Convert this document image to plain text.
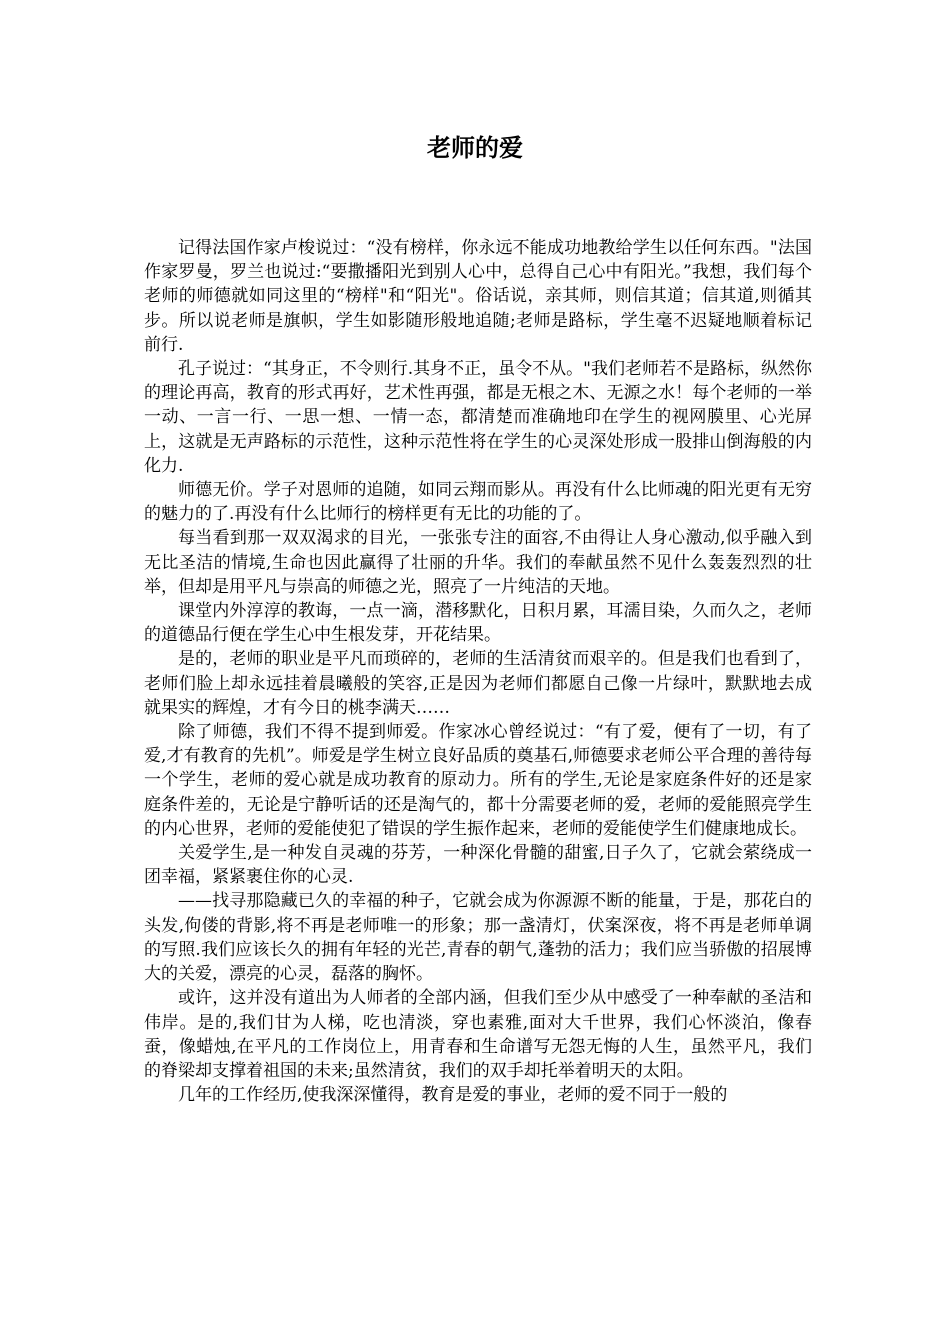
老师的爱

记得法国作家卢梭说过：“没有榜样，你永远不能成功地教给学生以任何东西。"法国作家罗曼，罗兰也说过:“要撒播阳光到别人心中，总得自己心中有阳光。”我想，我们每个老师的师德就如同这里的“榜样"和“阳光"。俗话说，亲其师，则信其道；信其道,则循其步。所以说老师是旗帜，学生如影随形般地追随;老师是路标，学生毫不迟疑地顺着标记前行.

孔子说过：“其身正，不令则行.其身不正，虽令不从。"我们老师若不是路标，纵然你的理论再高，教育的形式再好，艺术性再强，都是无根之木、无源之水！每个老师的一举一动、一言一行、一思一想、一情一态，都清楚而准确地印在学生的视网膜里、心光屏上，这就是无声路标的示范性，这种示范性将在学生的心灵深处形成一股排山倒海般的内化力.

师德无价。学子对恩师的追随，如同云翔而影从。再没有什么比师魂的阳光更有无穷的魅力的了.再没有什么比师行的榜样更有无比的功能的了。

每当看到那一双双渴求的目光，一张张专注的面容,不由得让人身心激动,似乎融入到无比圣洁的情境,生命也因此赢得了壮丽的升华。我们的奉献虽然不见什么轰轰烈烈的壮举，但却是用平凡与崇高的师德之光，照亮了一片纯洁的天地。

课堂内外淳淳的教诲，一点一滴，潜移默化，日积月累，耳濡目染，久而久之，老师的道德品行便在学生心中生根发芽，开花结果。

是的，老师的职业是平凡而琐碎的，老师的生活清贫而艰辛的。但是我们也看到了，老师们脸上却永远挂着晨曦般的笑容,正是因为老师们都愿自己像一片绿叶，默默地去成就果实的辉煌，才有今日的桃李满天……

除了师德，我们不得不提到师爱。作家冰心曾经说过：“有了爱，便有了一切，有了爱,才有教育的先机”。师爱是学生树立良好品质的奠基石,师德要求老师公平合理的善待每一个学生，老师的爱心就是成功教育的原动力。所有的学生,无论是家庭条件好的还是家庭条件差的，无论是宁静听话的还是淘气的，都十分需要老师的爱，老师的爱能照亮学生的内心世界，老师的爱能使犯了错误的学生振作起来，老师的爱能使学生们健康地成长。

关爱学生,是一种发自灵魂的芬芳，一种深化骨髓的甜蜜,日子久了，它就会萦绕成一团幸福，紧紧裹住你的心灵.

——找寻那隐藏已久的幸福的种子，它就会成为你源源不断的能量，于是，那花白的头发,佝偻的背影,将不再是老师唯一的形象；那一盏清灯，伏案深夜，将不再是老师单调的写照.我们应该长久的拥有年轻的光芒,青春的朝气,蓬勃的活力；我们应当骄傲的招展博大的关爱，漂亮的心灵，磊落的胸怀。

或许，这并没有道出为人师者的全部内涵，但我们至少从中感受了一种奉献的圣洁和伟岸。是的,我们甘为人梯，吃也清淡，穿也素雅,面对大千世界，我们心怀淡泊，像春蚕，像蜡烛,在平凡的工作岗位上，用青春和生命谱写无怨无悔的人生，虽然平凡，我们的脊梁却支撑着祖国的未来;虽然清贫，我们的双手却托举着明天的太阳。

几年的工作经历,使我深深懂得，教育是爱的事业，老师的爱不同于一般的
